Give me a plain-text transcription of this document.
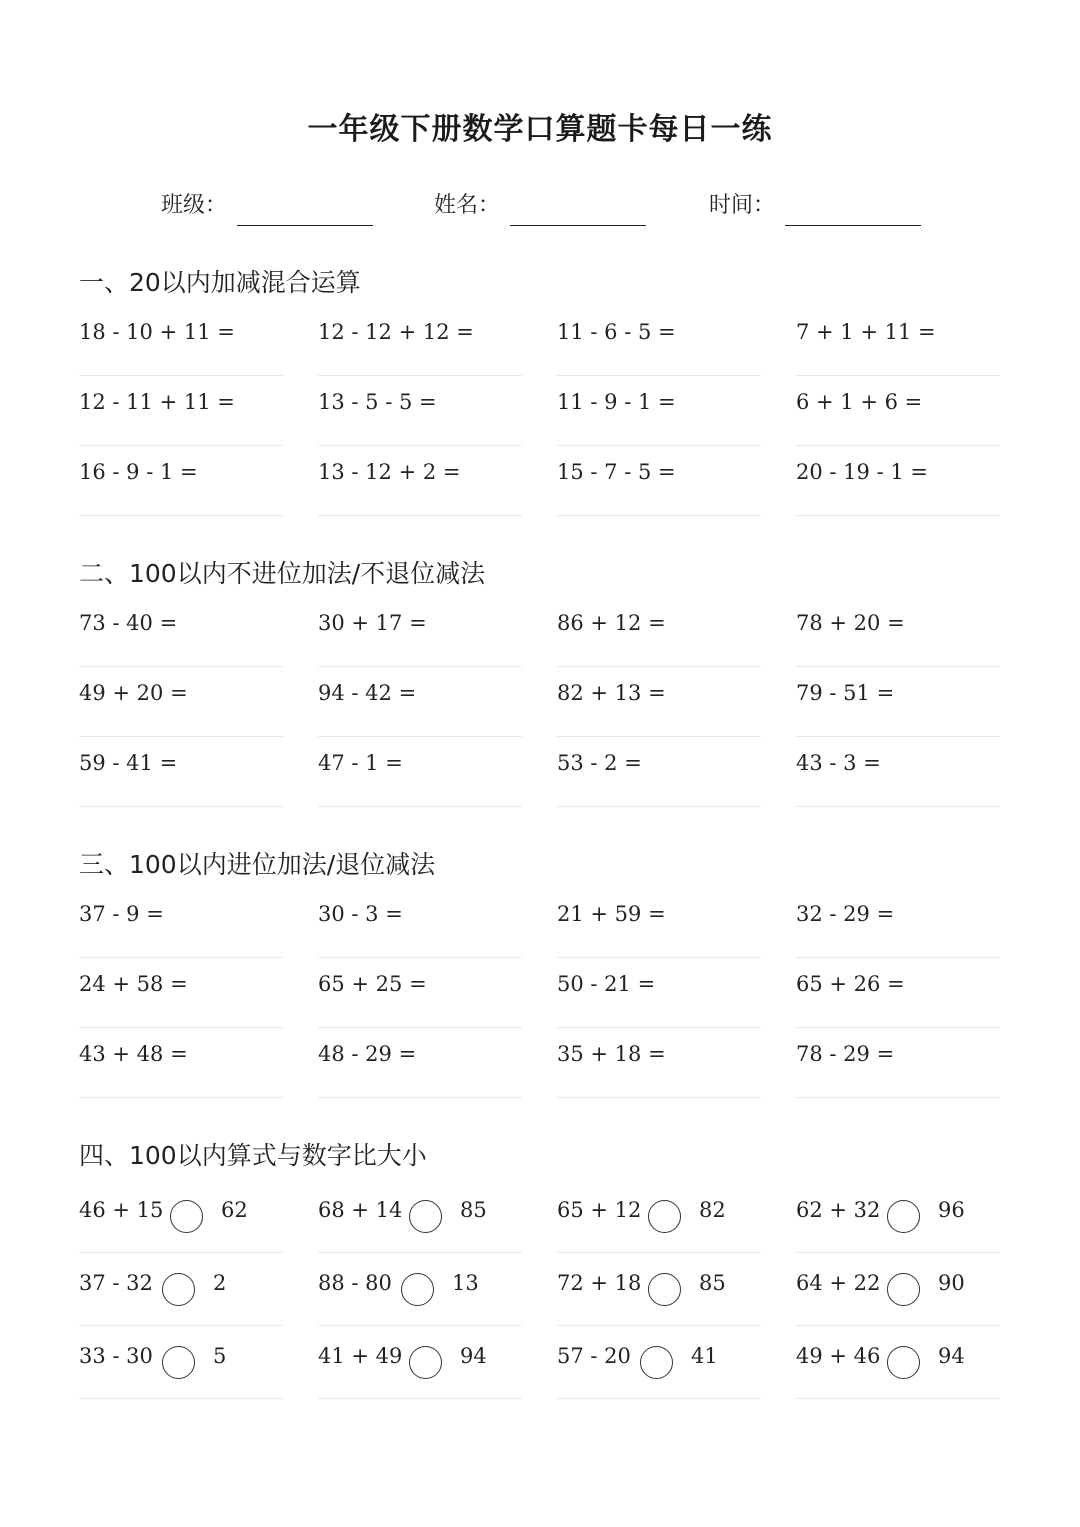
一年级下册数学口算题卡每日一练
班级：	姓名：	时间：
一、20以内加减混合运算
18 - 10 + 11 =	12 - 12 + 12 =	11 - 6 - 5 =	7 + 1 + 11 =
12 - 11 + 11 =	13 - 5 - 5 =	11 - 9 - 1 =	6 + 1 + 6 =
16 - 9 - 1 =	13 - 12 + 2 =	15 - 7 - 5 =	20 - 19 - 1 =
二、100以内不进位加法/不退位减法
73 - 40 =	30 + 17 =	86 + 12 =	78 + 20 =
49 + 20 =	94 - 42 =	82 + 13 =	79 - 51 =
59 - 41 =	47 - 1 =	53 - 2 =	43 - 3 =
三、100以内进位加法/退位减法
37 - 9 =	30 - 3 =	21 + 59 =	32 - 29 =
24 + 58 =	65 + 25 =	50 - 21 =	65 + 26 =
43 + 48 =	48 - 29 =	35 + 18 =	78 - 29 =
四、100以内算式与数字比大小
46 + 15	62	68 + 14	85	65 + 12	82	62 + 32	96
37 - 32	2	88 - 80	13	72 + 18	85	64 + 22	90
33 - 30	5	41 + 49	94	57 - 20	41	49 + 46	94
